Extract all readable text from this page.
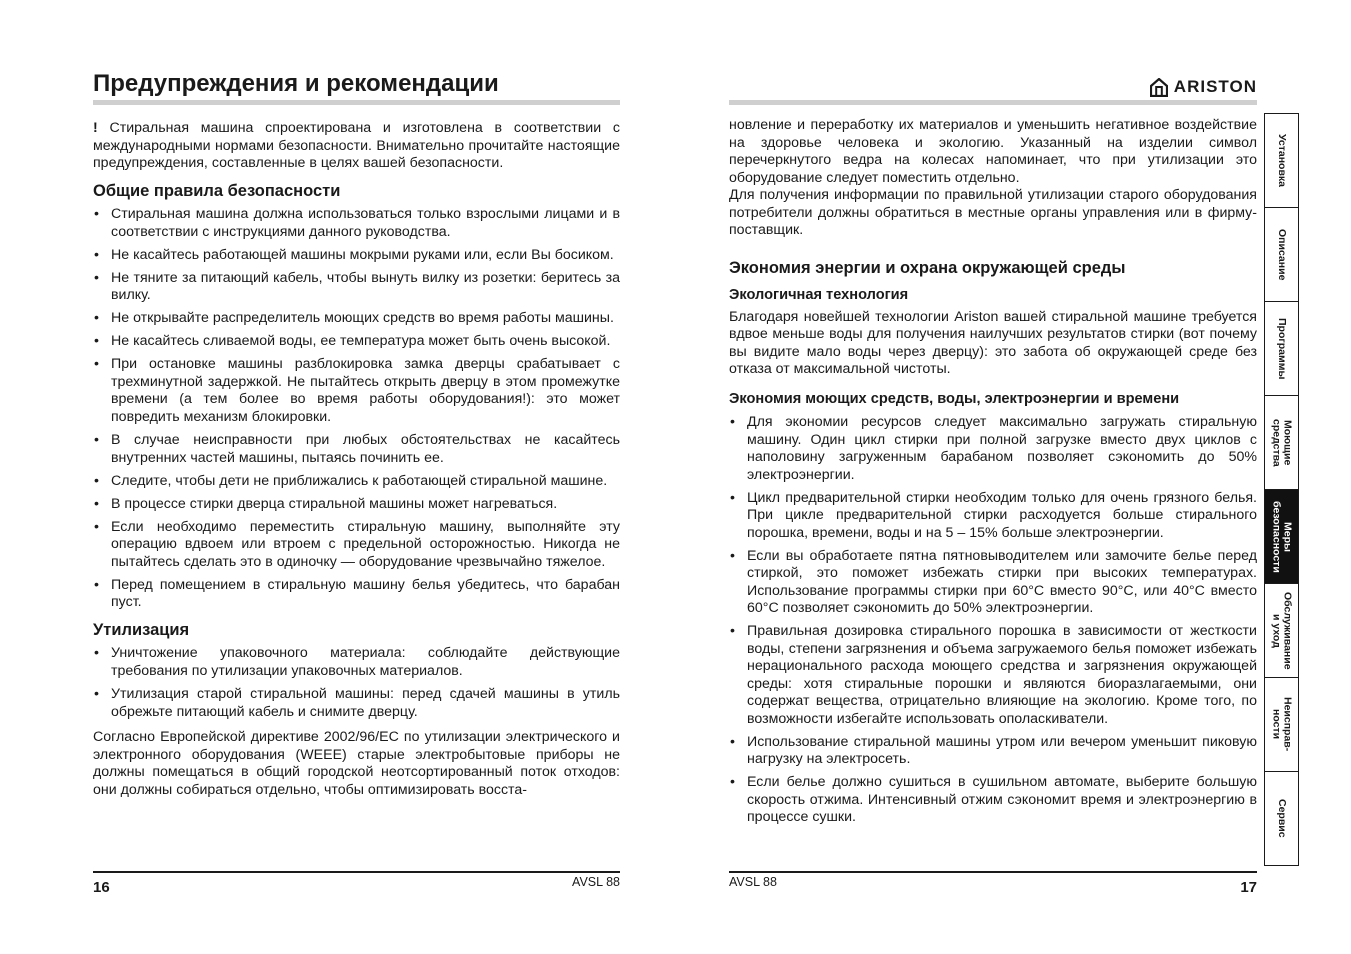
Предупреждения и рекомендации

! Стиральная машина спроектирована и изготовлена в соответствии с международными нормами безопасности. Внимательно прочитайте настоящие предупреждения, составленные в целях вашей безопасности.

Общие правила безопасности
• Стиральная машина должна использоваться только взрослыми лицами и в соответствии с инструкциями данного руководства.
• Не касайтесь работающей машины мокрыми руками или, если Вы босиком.
• Не тяните за питающий кабель, чтобы вынуть вилку из розетки: беритесь за вилку.
• Не открывайте распределитель моющих средств во время работы машины.
• Не касайтесь сливаемой воды, ее температура может быть очень высокой.
• При остановке машины разблокировка замка дверцы срабатывает с трехминутной задержкой. Не пытайтесь открыть дверцу в этом промежутке времени (а тем более во время работы оборудования!): это может повредить механизм блокировки.
• В случае неисправности при любых обстоятельствах не касайтесь внутренних частей машины, пытаясь починить ее.
• Следите, чтобы дети не приближались к работающей стиральной машине.
• В процессе стирки дверца стиральной машины может нагреваться.
• Если необходимо переместить стиральную машину, выполняйте эту операцию вдвоем или втроем с предельной осторожностью. Никогда не пытайтесь сделать это в одиночку — оборудование чрезвычайно тяжелое.
• Перед помещением в стиральную машину белья убедитесь, что барабан пуст.
Утилизация
• Уничтожение упаковочного материала: соблюдайте действующие требования по утилизации упаковочных материалов.
• Утилизация старой стиральной машины: перед сдачей машины в утиль обрежьте питающий кабель и снимите дверцу.

Согласно Европейской директиве 2002/96/EC по утилизации электрического и электронного оборудования (WEEE) старые электробытовые приборы не должны помещаться в общий городской неотсортированный поток отходов: они должны собираться отдельно, чтобы оптимизировать восста-

16	AVSL 88
ARISTON

новление и переработку их материалов и уменьшить негативное воздействие на здоровье человека и экологию. Указанный на изделии символ перечеркнутого ведра на колесах напоминает, что при утилизации это оборудование следует поместить отдельно.

Для получения информации по правильной утилизации старого оборудования потребители должны обратиться в местные органы управления или в фирму-поставщик.

Экономия энергии и охрана окружающей среды
Экологичная технология

Благодаря новейшей технологии Ariston вашей стиральной машине требуется вдвое меньше воды для получения наилучших результатов стирки (вот почему вы видите мало воды через дверцу): это забота об окружающей среде без отказа от максимальной чистоты.

Экономия моющих средств, воды, электроэнергии и времени
• Для экономии ресурсов следует максимально загружать стиральную машину. Один цикл стирки при полной загрузке вместо двух циклов с наполовину загруженным барабаном позволяет сэкономить до 50% электроэнергии.
• Цикл предварительной стирки необходим только для очень грязного белья. При цикле предварительной стирки расходуется больше стирального порошка, времени, воды и на 5 – 15% больше электроэнергии.
• Если вы обработаете пятна пятновыводителем или замочите белье перед стиркой, это поможет избежать стирки при высоких температурах. Использование программы стирки при 60°C вместо 90°C, или 40°C вместо 60°C позволяет сэкономить до 50% электроэнергии.
• Правильная дозировка стирального порошка в зависимости от жесткости воды, степени загрязнения и объема загружаемого белья поможет избежать нерационального расхода моющего средства и загрязнения окружающей среды: хотя стиральные порошки и являются биоразлагаемыми, они содержат вещества, отрицательно влияющие на экологию. Кроме того, по возможности избегайте использовать ополаскиватели.
• Использование стиральной машины утром или вечером уменьшит пиковую нагрузку на электросеть.
• Если белье должно сушиться в сушильном автомате, выберите большую скорость отжима. Интенсивный отжим сэкономит время и электроэнергию в процессе сушки.
AVSL 88	17
Установка
Описание
Программы
Моющие
средства
Меры
безопасности
Обслуживание
и уход
Неисправ-
ности
Сервис
